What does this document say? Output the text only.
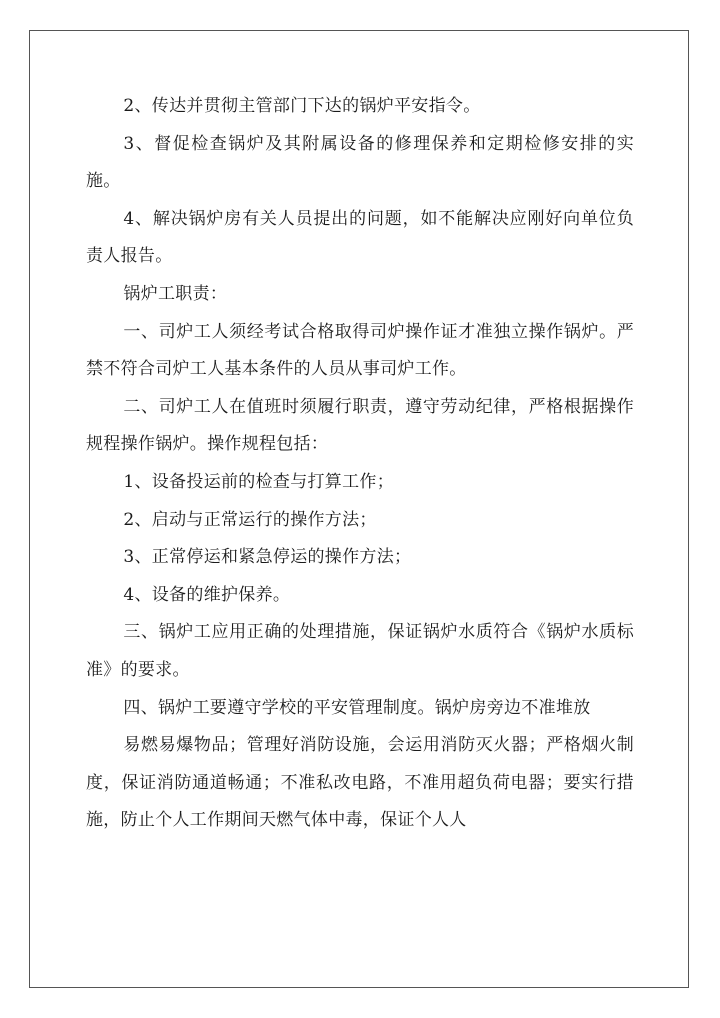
2、传达并贯彻主管部门下达的锅炉平安指令。

3、督促检查锅炉及其附属设备的修理保养和定期检修安排的实施。

4、解决锅炉房有关人员提出的问题，如不能解决应刚好向单位负责人报告。

锅炉工职责：

一、司炉工人须经考试合格取得司炉操作证才准独立操作锅炉。严禁不符合司炉工人基本条件的人员从事司炉工作。

二、司炉工人在值班时须履行职责，遵守劳动纪律，严格根据操作规程操作锅炉。操作规程包括：

1、设备投运前的检查与打算工作；

2、启动与正常运行的操作方法；

3、正常停运和紧急停运的操作方法；

4、设备的维护保养。

三、锅炉工应用正确的处理措施，保证锅炉水质符合《锅炉水质标准》的要求。

四、锅炉工要遵守学校的平安管理制度。锅炉房旁边不准堆放

易燃易爆物品；管理好消防设施，会运用消防灭火器；严格烟火制度，保证消防通道畅通；不准私改电路，不准用超负荷电器；要实行措施，防止个人工作期间天燃气体中毒，保证个人人
